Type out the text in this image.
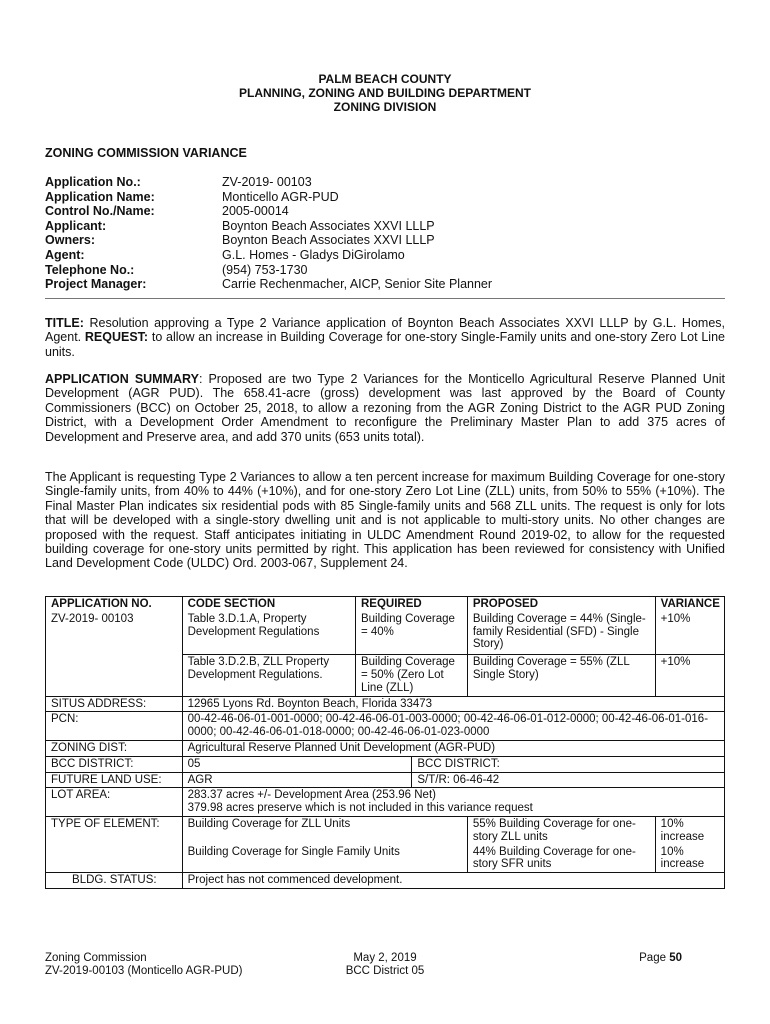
PALM BEACH COUNTY
PLANNING, ZONING AND BUILDING DEPARTMENT
ZONING DIVISION
ZONING COMMISSION VARIANCE
Application No.:	ZV-2019- 00103
Application Name:	Monticello AGR-PUD
Control No./Name:	2005-00014
Applicant:	Boynton Beach Associates XXVI LLLP
Owners:	Boynton Beach Associates XXVI LLLP
Agent:	G.L. Homes - Gladys DiGirolamo
Telephone No.:	(954) 753-1730
Project Manager:	Carrie Rechenmacher, AICP, Senior Site Planner
TITLE: Resolution approving a Type 2 Variance application of Boynton Beach Associates XXVI LLLP by G.L. Homes, Agent. REQUEST: to allow an increase in Building Coverage for one-story Single-Family units and one-story Zero Lot Line units.
APPLICATION SUMMARY: Proposed are two Type 2 Variances for the Monticello Agricultural Reserve Planned Unit Development (AGR PUD). The 658.41-acre (gross) development was last approved by the Board of County Commissioners (BCC) on October 25, 2018, to allow a rezoning from the AGR Zoning District to the AGR PUD Zoning District, with a Development Order Amendment to reconfigure the Preliminary Master Plan to add 375 acres of Development and Preserve area, and add 370 units (653 units total).
The Applicant is requesting Type 2 Variances to allow a ten percent increase for maximum Building Coverage for one-story Single-family units, from 40% to 44% (+10%), and for one-story Zero Lot Line (ZLL) units, from 50% to 55% (+10%). The Final Master Plan indicates six residential pods with 85 Single-family units and 568 ZLL units. The request is only for lots that will be developed with a single-story dwelling unit and is not applicable to multi-story units. No other changes are proposed with the request. Staff anticipates initiating in ULDC Amendment Round 2019-02, to allow for the requested building coverage for one-story units permitted by right. This application has been reviewed for consistency with Unified Land Development Code (ULDC) Ord. 2003-067, Supplement 24.
APPLICATION NO.	CODE SECTION	REQUIRED		PROPOSED	VARIANCE
ZV-2019- 00103	Table 3.D.1.A, Property Development Regulations	Building Coverage = 40%		Building Coverage = 44% (Single-family Residential (SFD) - Single Story)	+10%
	Table 3.D.2.B, ZLL Property Development Regulations.	Building Coverage = 50% (Zero Lot Line (ZLL)		Building Coverage = 55% (ZLL Single Story)	+10%
SITUS ADDRESS:	12965 Lyons Rd. Boynton Beach, Florida 33473				
PCN:	00-42-46-06-01-001-0000; 00-42-46-06-01-003-0000; 00-42-46-06-01-012-0000; 00-42-46-06-01-016-0000; 00-42-46-06-01-018-0000; 00-42-46-06-01-023-0000				
ZONING DIST:	Agricultural Reserve Planned Unit Development (AGR-PUD)				
BCC DISTRICT:	05		BCC DISTRICT:		
FUTURE LAND USE:	AGR		S/T/R: 06-46-42		
LOT AREA:	283.37 acres +/- Development Area (253.96 Net)
379.98 acres preserve which is not included in this variance request				

TYPE OF ELEMENT:	Building Coverage for ZLL Units			55% Building Coverage for one-story ZLL units	10% increase
	Building Coverage for Single Family Units			44% Building Coverage for one-story SFR units	10% increase
BLDG. STATUS:	Project has not commenced development.				
Zoning Commission
ZV-2019-00103 (Monticello AGR-PUD)
May 2, 2019
BCC District 05
Page 50
